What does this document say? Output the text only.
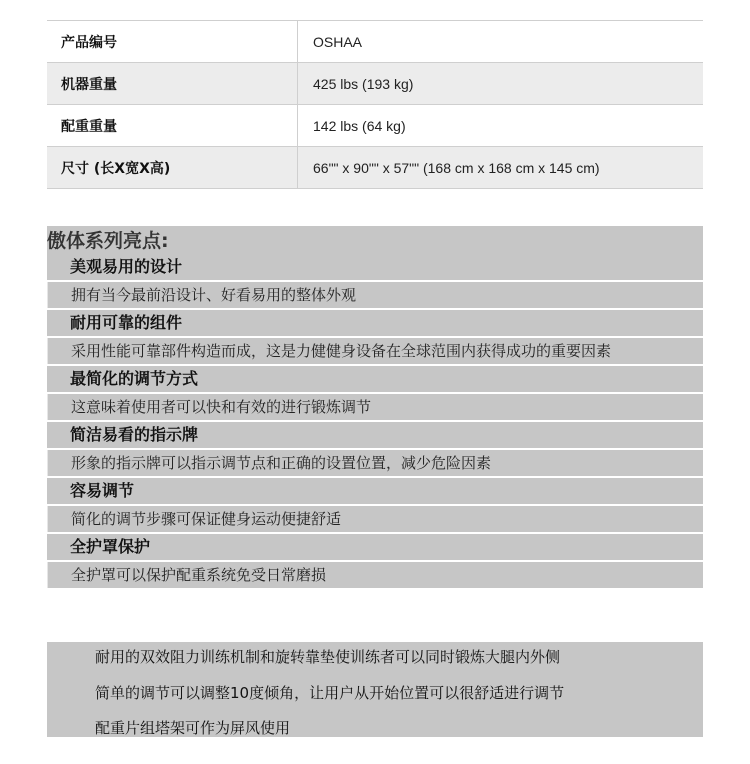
产品编号	OSHAA
机器重量	425 lbs (193 kg)
配重重量	142 lbs (64 kg)
尺寸 (长X宽X高)	66"" x 90"" x 57"" (168 cm x 168 cm x 145 cm)
傲体系列亮点:
美观易用的设计
拥有当今最前沿设计、好看易用的整体外观
耐用可靠的组件
采用性能可靠部件构造而成，这是力健健身设备在全球范围内获得成功的重要因素
最简化的调节方式
这意味着使用者可以快和有效的进行锻炼调节
简洁易看的指示牌
形象的指示牌可以指示调节点和正确的设置位置，减少危险因素
容易调节
简化的调节步骤可保证健身运动便捷舒适
全护罩保护
全护罩可以保护配重系统免受日常磨损
耐用的双效阻力训练机制和旋转靠垫使训练者可以同时锻炼大腿内外侧
简单的调节可以调整10度倾角，让用户从开始位置可以很舒适进行调节
配重片组塔架可作为屏风使用
